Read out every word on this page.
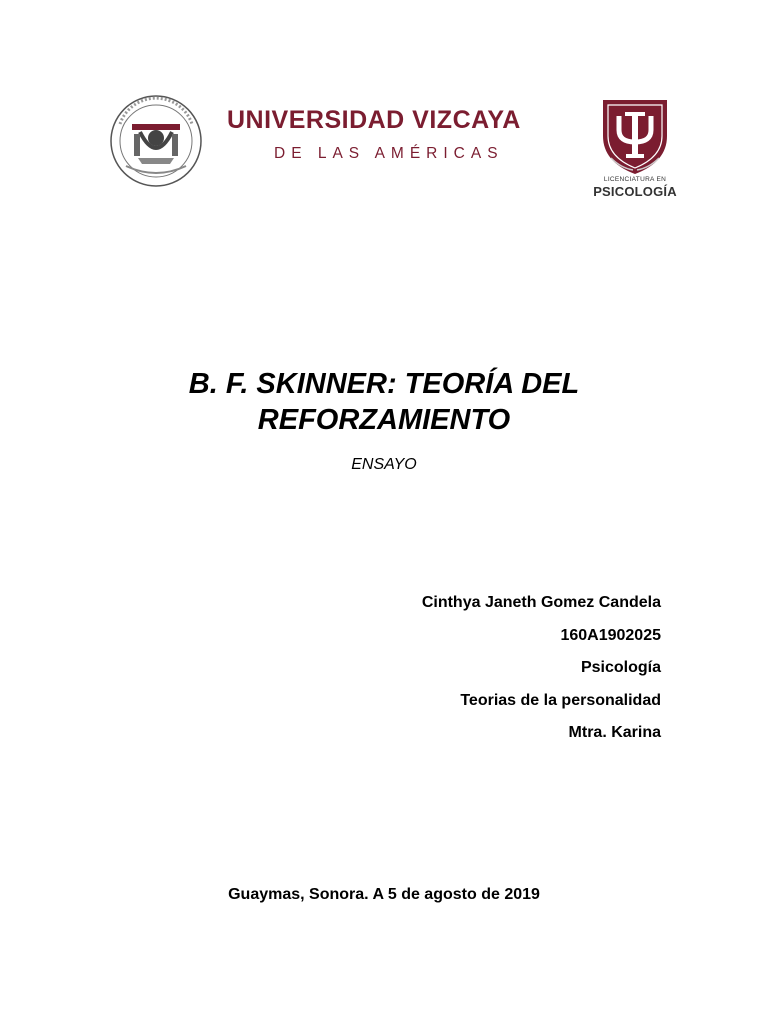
UNIVERSIDAD VIZCAYA
DE LAS AMÉRICAS
LICENCIATURA EN
PSICOLOGÍA
B. F. SKINNER: TEORÍA DEL
REFORZAMIENTO
ENSAYO
Cinthya Janeth Gomez Candela
160A1902025
Psicología
Teorias de la personalidad
Mtra. Karina
Guaymas, Sonora. A 5 de agosto de 2019
